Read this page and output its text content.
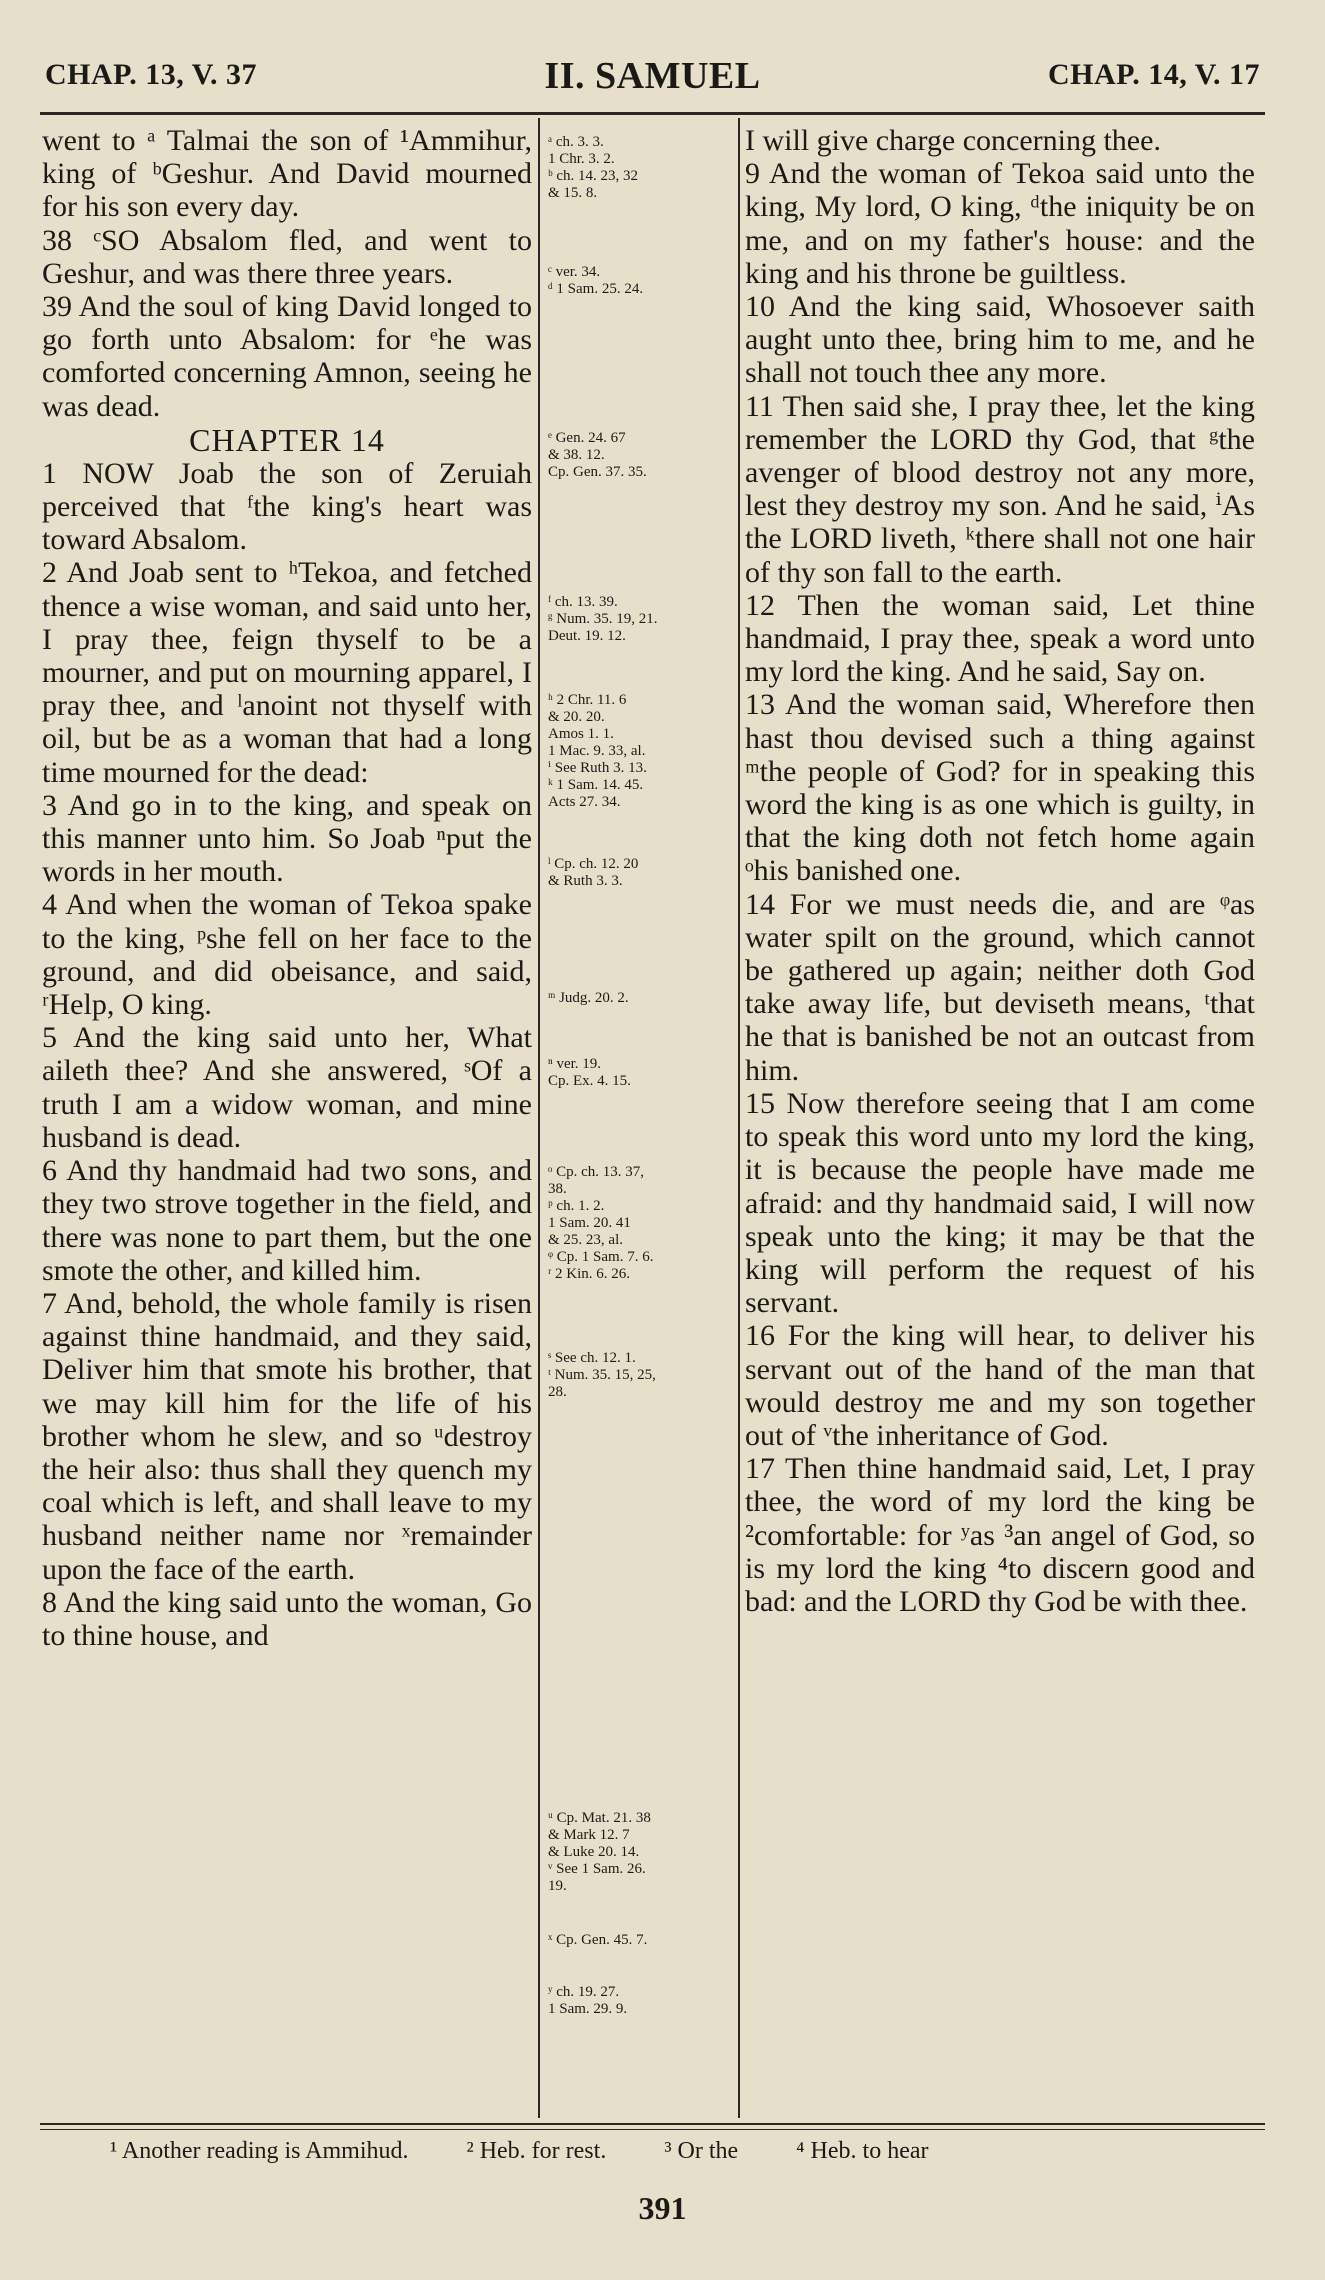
CHAP. 13, V. 37	II. SAMUEL	CHAP. 14, V. 17

went to ᵃ Talmai the son of ¹Ammihur, king of ᵇGeshur. And David mourned for his son every day.

38 ᶜSO Absalom fled, and went to Geshur, and was there three years.

39 And the soul of king David longed to go forth unto Absalom: for ᵉhe was comforted concerning Amnon, seeing he was dead.

CHAPTER 14

1 NOW Joab the son of Zeruiah perceived that ᶠthe king's heart was toward Absalom.

2 And Joab sent to ʰTekoa, and fetched thence a wise woman, and said unto her, I pray thee, feign thyself to be a mourner, and put on mourning apparel, I pray thee, and ˡanoint not thyself with oil, but be as a woman that had a long time mourned for the dead:

3 And go in to the king, and speak on this manner unto him. So Joab ⁿput the words in her mouth.

4 And when the woman of Tekoa spake to the king, ᵖshe fell on her face to the ground, and did obeisance, and said, ʳHelp, O king.

5 And the king said unto her, What aileth thee? And she answered, ˢOf a truth I am a widow woman, and mine husband is dead.

6 And thy handmaid had two sons, and they two strove together in the field, and there was none to part them, but the one smote the other, and killed him.

7 And, behold, the whole family is risen against thine handmaid, and they said, Deliver him that smote his brother, that we may kill him for the life of his brother whom he slew, and so ᵘdestroy the heir also: thus shall they quench my coal which is left, and shall leave to my husband neither name nor ˣremainder upon the face of the earth.

8 And the king said unto the woman, Go to thine house, and

ᵃ ch. 3. 3.
1 Chr. 3. 2.
ᵇ ch. 14. 23, 32
& 15. 8.
ᶜ ver. 34.
ᵈ 1 Sam. 25. 24.
ᵉ Gen. 24. 67
& 38. 12.
Cp. Gen. 37. 35.
ᶠ ch. 13. 39.
ᵍ Num. 35. 19, 21.
Deut. 19. 12.
ʰ 2 Chr. 11. 6
& 20. 20.
Amos 1. 1.
1 Mac. 9. 33, al.
ⁱ See Ruth 3. 13.
ᵏ 1 Sam. 14. 45.
Acts 27. 34.
ˡ Cp. ch. 12. 20
& Ruth 3. 3.
ᵐ Judg. 20. 2.
ⁿ ver. 19.
Cp. Ex. 4. 15.
ᵒ Cp. ch. 13. 37,
38.
ᵖ ch. 1. 2.
1 Sam. 20. 41
& 25. 23, al.
ᵠ Cp. 1 Sam. 7. 6.
ʳ 2 Kin. 6. 26.
ˢ See ch. 12. 1.
ᵗ Num. 35. 15, 25,
28.
ᵘ Cp. Mat. 21. 38
& Mark 12. 7
& Luke 20. 14.
ᵛ See 1 Sam. 26.
19.
ˣ Cp. Gen. 45. 7.
ʸ ch. 19. 27.
1 Sam. 29. 9.

I will give charge concerning thee.

9 And the woman of Tekoa said unto the king, My lord, O king, ᵈthe iniquity be on me, and on my father's house: and the king and his throne be guiltless.

10 And the king said, Whosoever saith aught unto thee, bring him to me, and he shall not touch thee any more.

11 Then said she, I pray thee, let the king remember the LORD thy God, that ᵍthe avenger of blood destroy not any more, lest they destroy my son. And he said, ⁱAs the LORD liveth, ᵏthere shall not one hair of thy son fall to the earth.

12 Then the woman said, Let thine handmaid, I pray thee, speak a word unto my lord the king. And he said, Say on.

13 And the woman said, Wherefore then hast thou devised such a thing against ᵐthe people of God? for in speaking this word the king is as one which is guilty, in that the king doth not fetch home again ᵒhis banished one.

14 For we must needs die, and are ᵠas water spilt on the ground, which cannot be gathered up again; neither doth God take away life, but deviseth means, ᵗthat he that is banished be not an outcast from him.

15 Now therefore seeing that I am come to speak this word unto my lord the king, it is because the people have made me afraid: and thy handmaid said, I will now speak unto the king; it may be that the king will perform the request of his servant.

16 For the king will hear, to deliver his servant out of the hand of the man that would destroy me and my son together out of ᵛthe inheritance of God.

17 Then thine handmaid said, Let, I pray thee, the word of my lord the king be ²comfortable: for ʸas ³an angel of God, so is my lord the king ⁴to discern good and bad: and the LORD thy God be with thee.

¹ Another reading is Ammihud. ² Heb. for rest. ³ Or the ⁴ Heb. to hear
391
